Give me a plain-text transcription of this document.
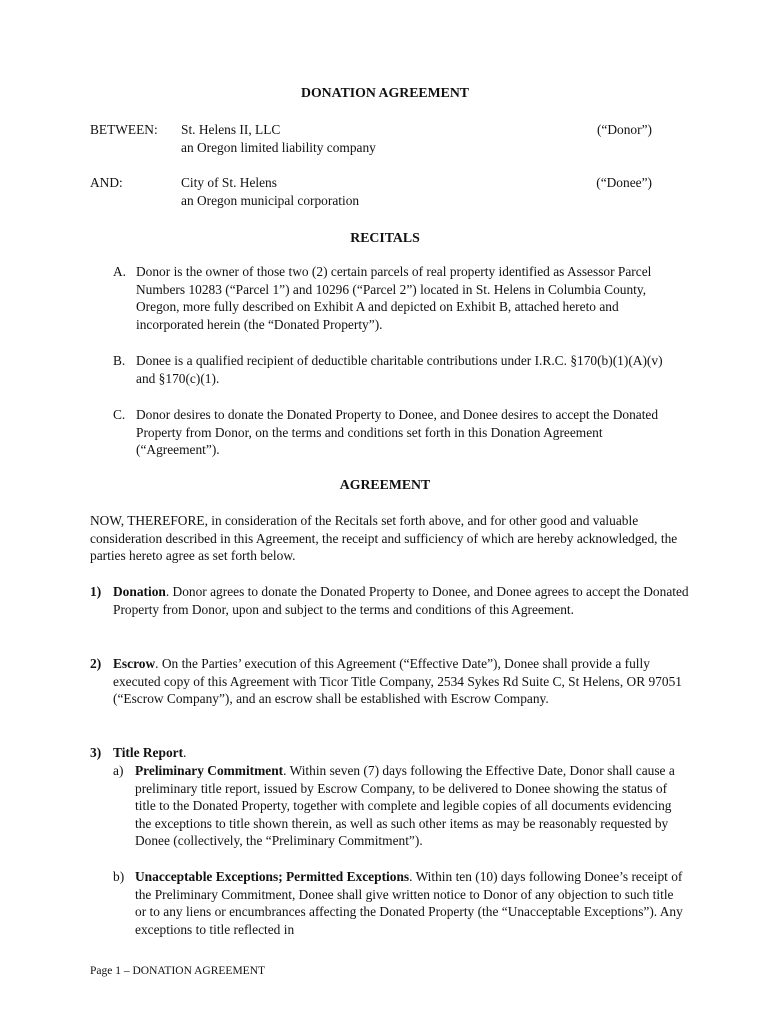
DONATION AGREEMENT
BETWEEN: St. Helens II, LLC
an Oregon limited liability company
(“Donor”)
AND:	City of St. Helens
an Oregon municipal corporation
(“Donee”)
RECITALS
A. Donor is the owner of those two (2) certain parcels of real property identified as Assessor Parcel Numbers 10283 (“Parcel 1”) and 10296 (“Parcel 2”) located in St. Helens in Columbia County, Oregon, more fully described on Exhibit A and depicted on Exhibit B, attached hereto and incorporated herein (the “Donated Property”).
B. Donee is a qualified recipient of deductible charitable contributions under I.R.C. §170(b)(1)(A)(v) and §170(c)(1).
C. Donor desires to donate the Donated Property to Donee, and Donee desires to accept the Donated Property from Donor, on the terms and conditions set forth in this Donation Agreement (“Agreement”).
AGREEMENT
NOW, THEREFORE, in consideration of the Recitals set forth above, and for other good and valuable consideration described in this Agreement, the receipt and sufficiency of which are hereby acknowledged, the parties hereto agree as set forth below.
1) Donation. Donor agrees to donate the Donated Property to Donee, and Donee agrees to accept the Donated Property from Donor, upon and subject to the terms and conditions of this Agreement.
2) Escrow. On the Parties’ execution of this Agreement (“Effective Date”), Donee shall provide a fully executed copy of this Agreement with Ticor Title Company, 2534 Sykes Rd Suite C, St Helens, OR 97051 (“Escrow Company”), and an escrow shall be established with Escrow Company.
3) Title Report.
a) Preliminary Commitment. Within seven (7) days following the Effective Date, Donor shall cause a preliminary title report, issued by Escrow Company, to be delivered to Donee showing the status of title to the Donated Property, together with complete and legible copies of all documents evidencing the exceptions to title shown therein, as well as such other items as may be reasonably requested by Donee (collectively, the “Preliminary Commitment”).
b) Unacceptable Exceptions; Permitted Exceptions. Within ten (10) days following Donee’s receipt of the Preliminary Commitment, Donee shall give written notice to Donor of any objection to such title or to any liens or encumbrances affecting the Donated Property (the “Unacceptable Exceptions”). Any exceptions to title reflected in
Page 1 – DONATION AGREEMENT
